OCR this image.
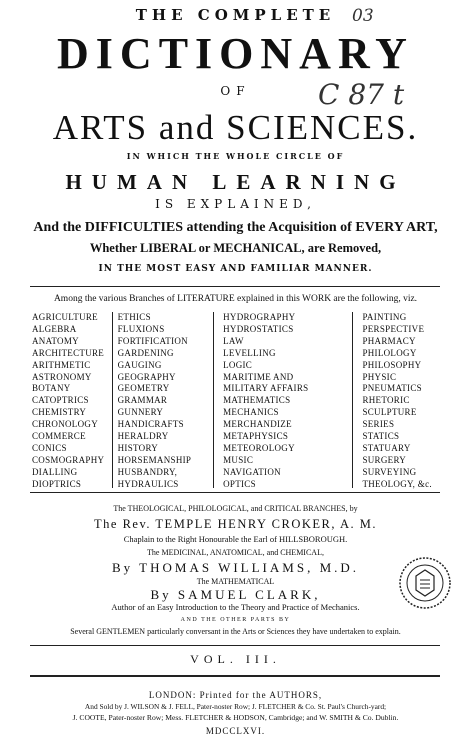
03
C 87 t
THE COMPLETE
DICTIONARY
OF
ARTS and SCIENCES.
IN WHICH THE WHOLE CIRCLE OF
HUMAN LEARNING
IS EXPLAINED,
And the DIFFICULTIES attending the Acquisition of EVERY ART,
Whether LIBERAL or MECHANICAL, are Removed,
IN THE MOST EASY AND FAMILIAR MANNER.
Among the various Branches of LITERATURE explained in this WORK are the following, viz.
AGRICULTURE
ALGEBRA
ANATOMY
ARCHITECTURE
ARITHMETIC
ASTRONOMY
BOTANY
CATOPTRICS
CHEMISTRY
CHRONOLOGY
COMMERCE
CONICS
COSMOGRAPHY
DIALLING
DIOPTRICS
ETHICS
FLUXIONS
FORTIFICATION
GARDENING
GAUGING
GEOGRAPHY
GEOMETRY
GRAMMAR
GUNNERY
HANDICRAFTS
HERALDRY
HISTORY
HORSEMANSHIP
HUSBANDRY,
HYDRAULICS
HYDROGRAPHY
HYDROSTATICS
LAW
LEVELLING
LOGIC
MARITIME AND
MILITARY AFFAIRS
MATHEMATICS
MECHANICS
MERCHANDIZE
METAPHYSICS
METEOROLOGY
MUSIC
NAVIGATION
OPTICS
PAINTING
PERSPECTIVE
PHARMACY
PHILOLOGY
PHILOSOPHY
PHYSIC
PNEUMATICS
RHETORIC
SCULPTURE
SERIES
STATICS
STATUARY
SURGERY
SURVEYING
THEOLOGY, &c.
The THEOLOGICAL, PHILOLOGICAL, and CRITICAL BRANCHES, by
The Rev. TEMPLE HENRY CROKER, A. M.
Chaplain to the Right Honourable the Earl of HILLSBOROUGH.
The MEDICINAL, ANATOMICAL, and CHEMICAL,
By THOMAS WILLIAMS, M.D.
The MATHEMATICAL
By SAMUEL CLARK,
Author of an Easy Introduction to the Theory and Practice of Mechanics.
AND THE OTHER PARTS BY
Several GENTLEMEN particularly conversant in the Arts or Sciences they have undertaken to explain.
VOL. III.
LONDON: Printed for the AUTHORS,
And Sold by J. WILSON & J. FELL, Pater-noster Row; J. FLETCHER & Co. St. Paul's Church-yard;
J. COOTE, Pater-noster Row; Mess. FLETCHER & HODSON, Cambridge; and W. SMITH & Co. Dublin.
MDCCLXVI.
